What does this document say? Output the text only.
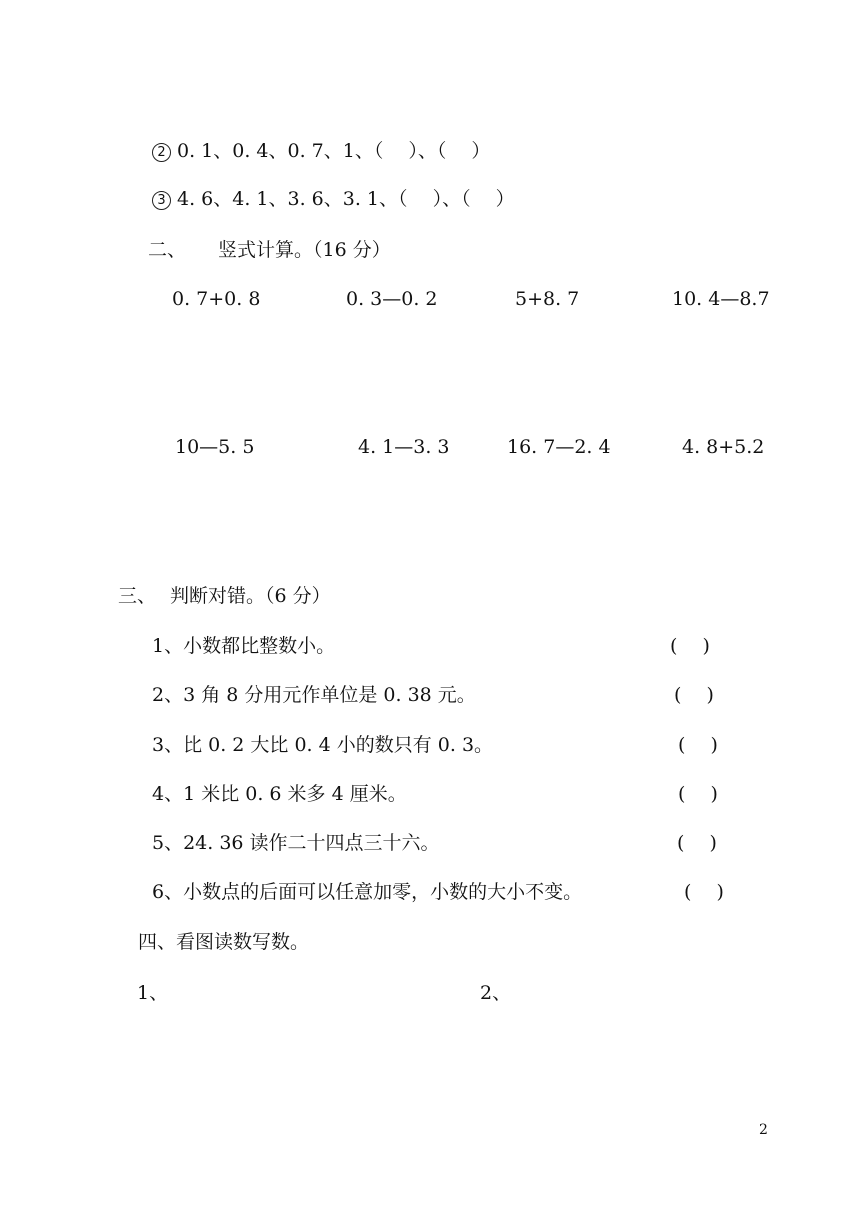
2 0. 1、0. 4、0. 7、1、（　 ）、（　 ）
3 4. 6、4. 1、3. 6、3. 1、（　 ）、（　 ）
二、 竖式计算。（16 分）
0. 7+0. 8	0. 3—0. 2	5+8. 7	10. 4—8.7
10—5. 5	4. 1—3. 3	16. 7—2. 4	4. 8+5.2
三、 判断对错。（6 分）
1、小数都比整数小。	(　 )
2、3 角 8 分用元作单位是 0. 38 元。	(　 )
3、比 0. 2 大比 0. 4 小的数只有 0. 3。	(　 )
4、1 米比 0. 6 米多 4 厘米。	(　 )
5、24. 36 读作二十四点三十六。	(　 )
6、小数点的后面可以任意加零，小数的大小不变。	(　 )
四、看图读数写数。
1、	2、
2
